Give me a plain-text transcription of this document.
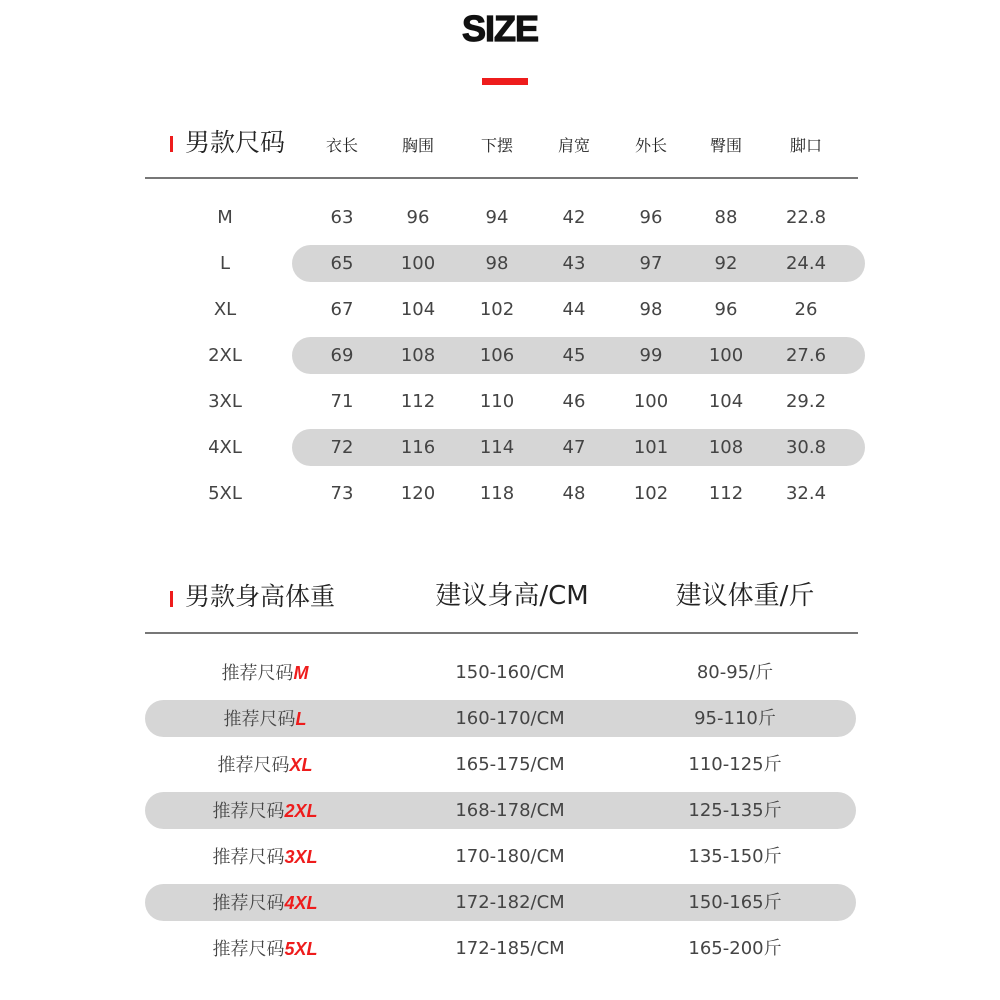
SIZE
男款尺码	衣长	胸围	下摆	肩宽	外长	臀围	脚口
M	63	96	94	42	96	88	22.8
L	65	100	98	43	97	92	24.4
XL	67	104	102	44	98	96	26
2XL	69	108	106	45	99	100	27.6
3XL	71	112	110	46	100	104	29.2
4XL	72	116	114	47	101	108	30.8
5XL	73	120	118	48	102	112	32.4
男款身高体重	建议身高/CM	建议体重/斤
推荐尺码M	150-160/CM	80-95/斤
推荐尺码L	160-170/CM	95-110斤
推荐尺码XL	165-175/CM	110-125斤
推荐尺码2XL	168-178/CM	125-135斤
推荐尺码3XL	170-180/CM	135-150斤
推荐尺码4XL	172-182/CM	150-165斤
推荐尺码5XL	172-185/CM	165-200斤
